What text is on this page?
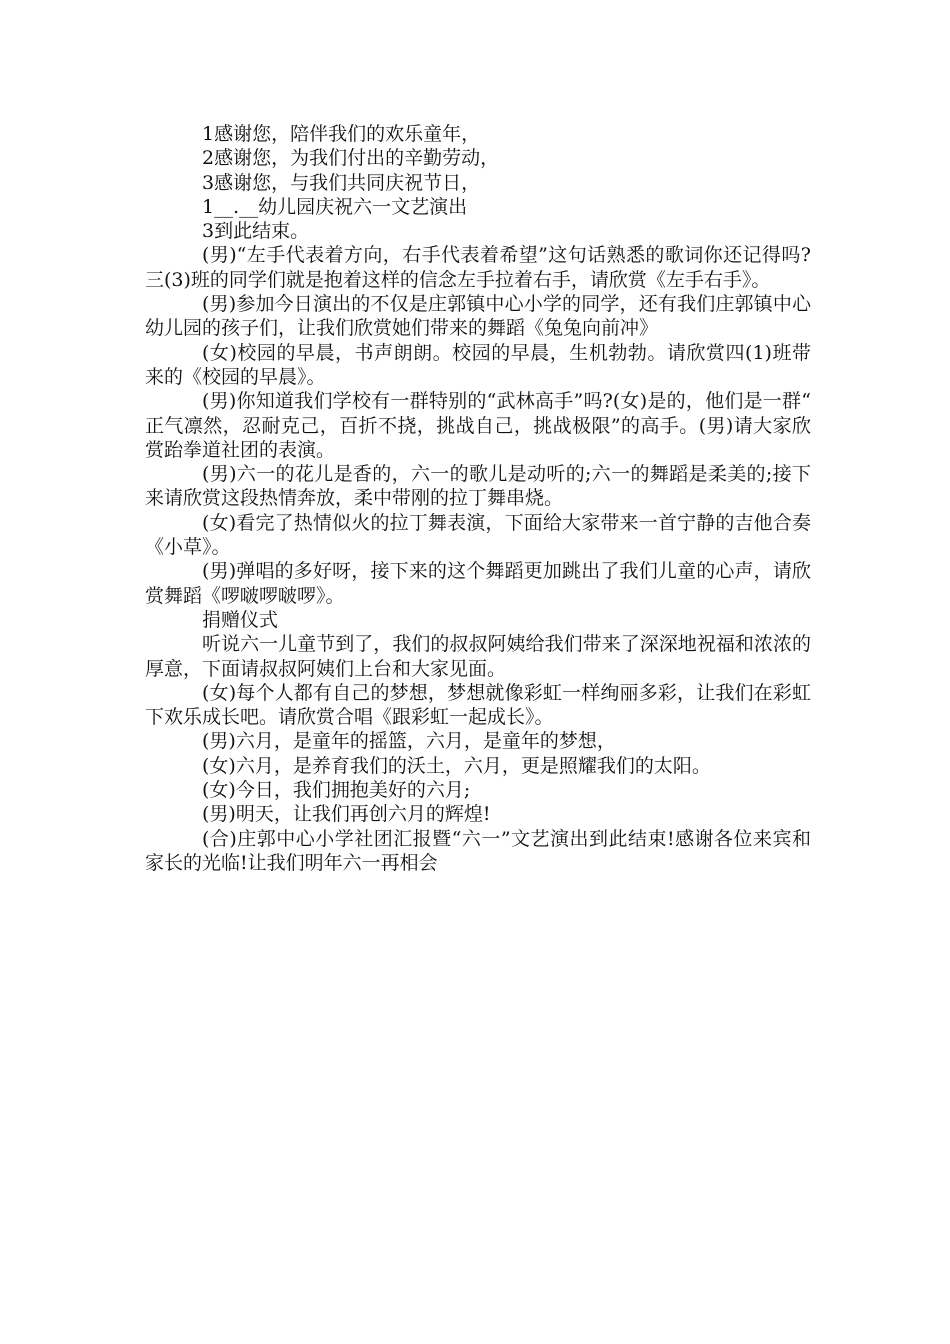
1感谢您，陪伴我们的欢乐童年，

2感谢您，为我们付出的辛勤劳动，

3感谢您，与我们共同庆祝节日，

1__.__幼儿园庆祝六一文艺演出

3到此结束。

(男)“左手代表着方向，右手代表着希望”这句话熟悉的歌词你还记得吗?三(3)班的同学们就是抱着这样的信念左手拉着右手，请欣赏《左手右手》。

(男)参加今日演出的不仅是庄郭镇中心小学的同学，还有我们庄郭镇中心幼儿园的孩子们，让我们欣赏她们带来的舞蹈《兔兔向前冲》

(女)校园的早晨，书声朗朗。校园的早晨，生机勃勃。请欣赏四(1)班带来的《校园的早晨》。

(男)你知道我们学校有一群特别的“武林高手”吗?(女)是的，他们是一群“正气凛然，忍耐克己，百折不挠，挑战自己，挑战极限”的高手。(男)请大家欣赏跆拳道社团的表演。

(男)六一的花儿是香的，六一的歌儿是动听的;六一的舞蹈是柔美的;接下来请欣赏这段热情奔放，柔中带刚的拉丁舞串烧。

(女)看完了热情似火的拉丁舞表演，下面给大家带来一首宁静的吉他合奏《小草》。

(男)弹唱的多好呀，接下来的这个舞蹈更加跳出了我们儿童的心声，请欣赏舞蹈《啰啵啰啵啰》。

捐赠仪式

听说六一儿童节到了，我们的叔叔阿姨给我们带来了深深地祝福和浓浓的厚意，下面请叔叔阿姨们上台和大家见面。

(女)每个人都有自己的梦想，梦想就像彩虹一样绚丽多彩，让我们在彩虹下欢乐成长吧。请欣赏合唱《跟彩虹一起成长》。

(男)六月，是童年的摇篮，六月，是童年的梦想，

(女)六月，是养育我们的沃土，六月，更是照耀我们的太阳。

(女)今日，我们拥抱美好的六月;

(男)明天，让我们再创六月的辉煌!

(合)庄郭中心小学社团汇报暨“六一”文艺演出到此结束!感谢各位来宾和家长的光临!让我们明年六一再相会
